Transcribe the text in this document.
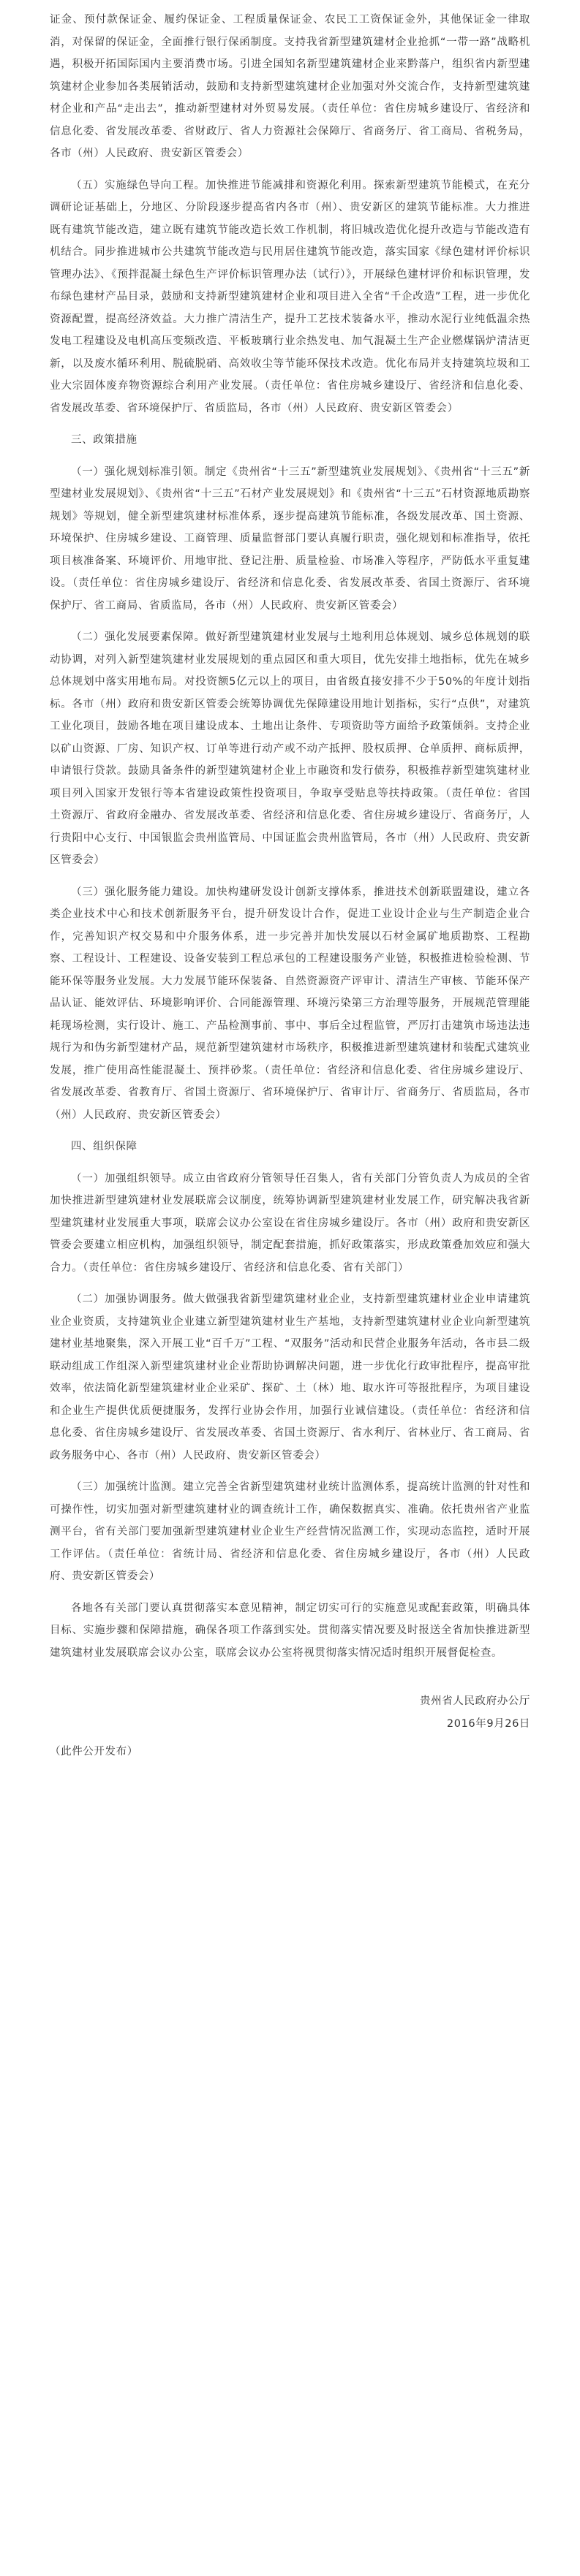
证金、预付款保证金、履约保证金、工程质量保证金、农民工工资保证金外，其他保证金一律取消，对保留的保证金，全面推行银行保函制度。支持我省新型建筑建材企业抢抓“一带一路”战略机遇，积极开拓国际国内主要消费市场。引进全国知名新型建筑建材企业来黔落户，组织省内新型建筑建材企业参加各类展销活动，鼓励和支持新型建筑建材企业加强对外交流合作，支持新型建筑建材企业和产品“走出去”，推动新型建材对外贸易发展。（责任单位：省住房城乡建设厅、省经济和信息化委、省发展改革委、省财政厅、省人力资源社会保障厅、省商务厅、省工商局、省税务局，各市（州）人民政府、贵安新区管委会）

（五）实施绿色导向工程。加快推进节能减排和资源化利用。探索新型建筑节能模式，在充分调研论证基础上，分地区、分阶段逐步提高省内各市（州）、贵安新区的建筑节能标准。大力推进既有建筑节能改造，建立既有建筑节能改造长效工作机制，将旧城改造优化提升改造与节能改造有机结合。同步推进城市公共建筑节能改造与民用居住建筑节能改造，落实国家《绿色建材评价标识管理办法》、《预拌混凝土绿色生产评价标识管理办法（试行）》，开展绿色建材评价和标识管理，发布绿色建材产品目录，鼓励和支持新型建筑建材企业和项目进入全省“千企改造”工程，进一步优化资源配置，提高经济效益。大力推广清洁生产，提升工艺技术装备水平，推动水泥行业纯低温余热发电工程建设及电机高压变频改造、平板玻璃行业余热发电、加气混凝土生产企业燃煤锅炉清洁更新，以及废水循环利用、脱硫脱硝、高效收尘等节能环保技术改造。优化布局并支持建筑垃圾和工业大宗固体废弃物资源综合利用产业发展。（责任单位：省住房城乡建设厅、省经济和信息化委、省发展改革委、省环境保护厅、省质监局，各市（州）人民政府、贵安新区管委会）

三、政策措施

（一）强化规划标准引领。制定《贵州省“十三五”新型建筑业发展规划》、《贵州省“十三五”新型建材业发展规划》、《贵州省“十三五”石材产业发展规划》和《贵州省“十三五”石材资源地质勘察规划》等规划，健全新型建筑建材标准体系，逐步提高建筑节能标准，各级发展改革、国土资源、环境保护、住房城乡建设、工商管理、质量监督部门要认真履行职责，强化规划和标准指导，依托项目核准备案、环境评价、用地审批、登记注册、质量检验、市场准入等程序，严防低水平重复建设。（责任单位：省住房城乡建设厅、省经济和信息化委、省发展改革委、省国土资源厅、省环境保护厅、省工商局、省质监局，各市（州）人民政府、贵安新区管委会）

（二）强化发展要素保障。做好新型建筑建材业发展与土地利用总体规划、城乡总体规划的联动协调，对列入新型建筑建材业发展规划的重点园区和重大项目，优先安排土地指标，优先在城乡总体规划中落实用地布局。对投资额5亿元以上的项目，由省级直接安排不少于50%的年度计划指标。各市（州）政府和贵安新区管委会统筹协调优先保障建设用地计划指标，实行“点供”，对建筑工业化项目，鼓励各地在项目建设成本、土地出让条件、专项资助等方面给予政策倾斜。支持企业以矿山资源、厂房、知识产权、订单等进行动产或不动产抵押、股权质押、仓单质押、商标质押，申请银行贷款。鼓励具备条件的新型建筑建材企业上市融资和发行债券，积极推荐新型建筑建材业项目列入国家开发银行等本省建设政策性投资项目，争取享受贴息等扶持政策。（责任单位：省国土资源厅、省政府金融办、省发展改革委、省经济和信息化委、省住房城乡建设厅、省商务厅，人行贵阳中心支行、中国银监会贵州监管局、中国证监会贵州监管局，各市（州）人民政府、贵安新区管委会）

（三）强化服务能力建设。加快构建研发设计创新支撑体系，推进技术创新联盟建设，建立各类企业技术中心和技术创新服务平台，提升研发设计合作，促进工业设计企业与生产制造企业合作，完善知识产权交易和中介服务体系，进一步完善并加快发展以石材金属矿地质勘察、工程勘察、工程设计、工程建设、设备安装到工程总承包的工程建设服务产业链，积极推进检验检测、节能环保等服务业发展。大力发展节能环保装备、自然资源资产评审计、清洁生产审核、节能环保产品认证、能效评估、环境影响评价、合同能源管理、环境污染第三方治理等服务，开展规范管理能耗现场检测，实行设计、施工、产品检测事前、事中、事后全过程监管，严厉打击建筑市场违法违规行为和伪劣新型建材产品，规范新型建筑建材市场秩序，积极推进新型建筑建材和装配式建筑业发展，推广使用高性能混凝土、预拌砂浆。（责任单位：省经济和信息化委、省住房城乡建设厅、省发展改革委、省教育厅、省国土资源厅、省环境保护厅、省审计厅、省商务厅、省质监局，各市（州）人民政府、贵安新区管委会）

四、组织保障

（一）加强组织领导。成立由省政府分管领导任召集人，省有关部门分管负责人为成员的全省加快推进新型建筑建材业发展联席会议制度，统筹协调新型建筑建材业发展工作，研究解决我省新型建筑建材业发展重大事项，联席会议办公室设在省住房城乡建设厅。各市（州）政府和贵安新区管委会要建立相应机构，加强组织领导，制定配套措施，抓好政策落实，形成政策叠加效应和强大合力。（责任单位：省住房城乡建设厅、省经济和信息化委、省有关部门）

（二）加强协调服务。做大做强我省新型建筑建材业企业，支持新型建筑建材业企业申请建筑业企业资质，支持建筑业企业建立新型建筑建材业生产基地，支持新型建筑建材业企业向新型建筑建材业基地聚集，深入开展工业“百千万”工程、“双服务”活动和民营企业服务年活动，各市县二级联动组成工作组深入新型建筑建材业企业帮助协调解决问题，进一步优化行政审批程序，提高审批效率，依法简化新型建筑建材业企业采矿、探矿、土（林）地、取水许可等报批程序，为项目建设和企业生产提供优质便捷服务，发挥行业协会作用，加强行业诚信建设。（责任单位：省经济和信息化委、省住房城乡建设厅、省发展改革委、省国土资源厅、省水利厅、省林业厅、省工商局、省政务服务中心、各市（州）人民政府、贵安新区管委会）

（三）加强统计监测。建立完善全省新型建筑建材业统计监测体系，提高统计监测的针对性和可操作性，切实加强对新型建筑建材业的调查统计工作，确保数据真实、准确。依托贵州省产业监测平台，省有关部门要加强新型建筑建材业企业生产经营情况监测工作，实现动态监控，适时开展工作评估。（责任单位：省统计局、省经济和信息化委、省住房城乡建设厅，各市（州）人民政府、贵安新区管委会）

各地各有关部门要认真贯彻落实本意见精神，制定切实可行的实施意见或配套政策，明确具体目标、实施步骤和保障措施，确保各项工作落到实处。贯彻落实情况要及时报送全省加快推进新型建筑建材业发展联席会议办公室，联席会议办公室将视贯彻落实情况适时组织开展督促检查。

贵州省人民政府办公厅
2016年9月26日

（此件公开发布）
